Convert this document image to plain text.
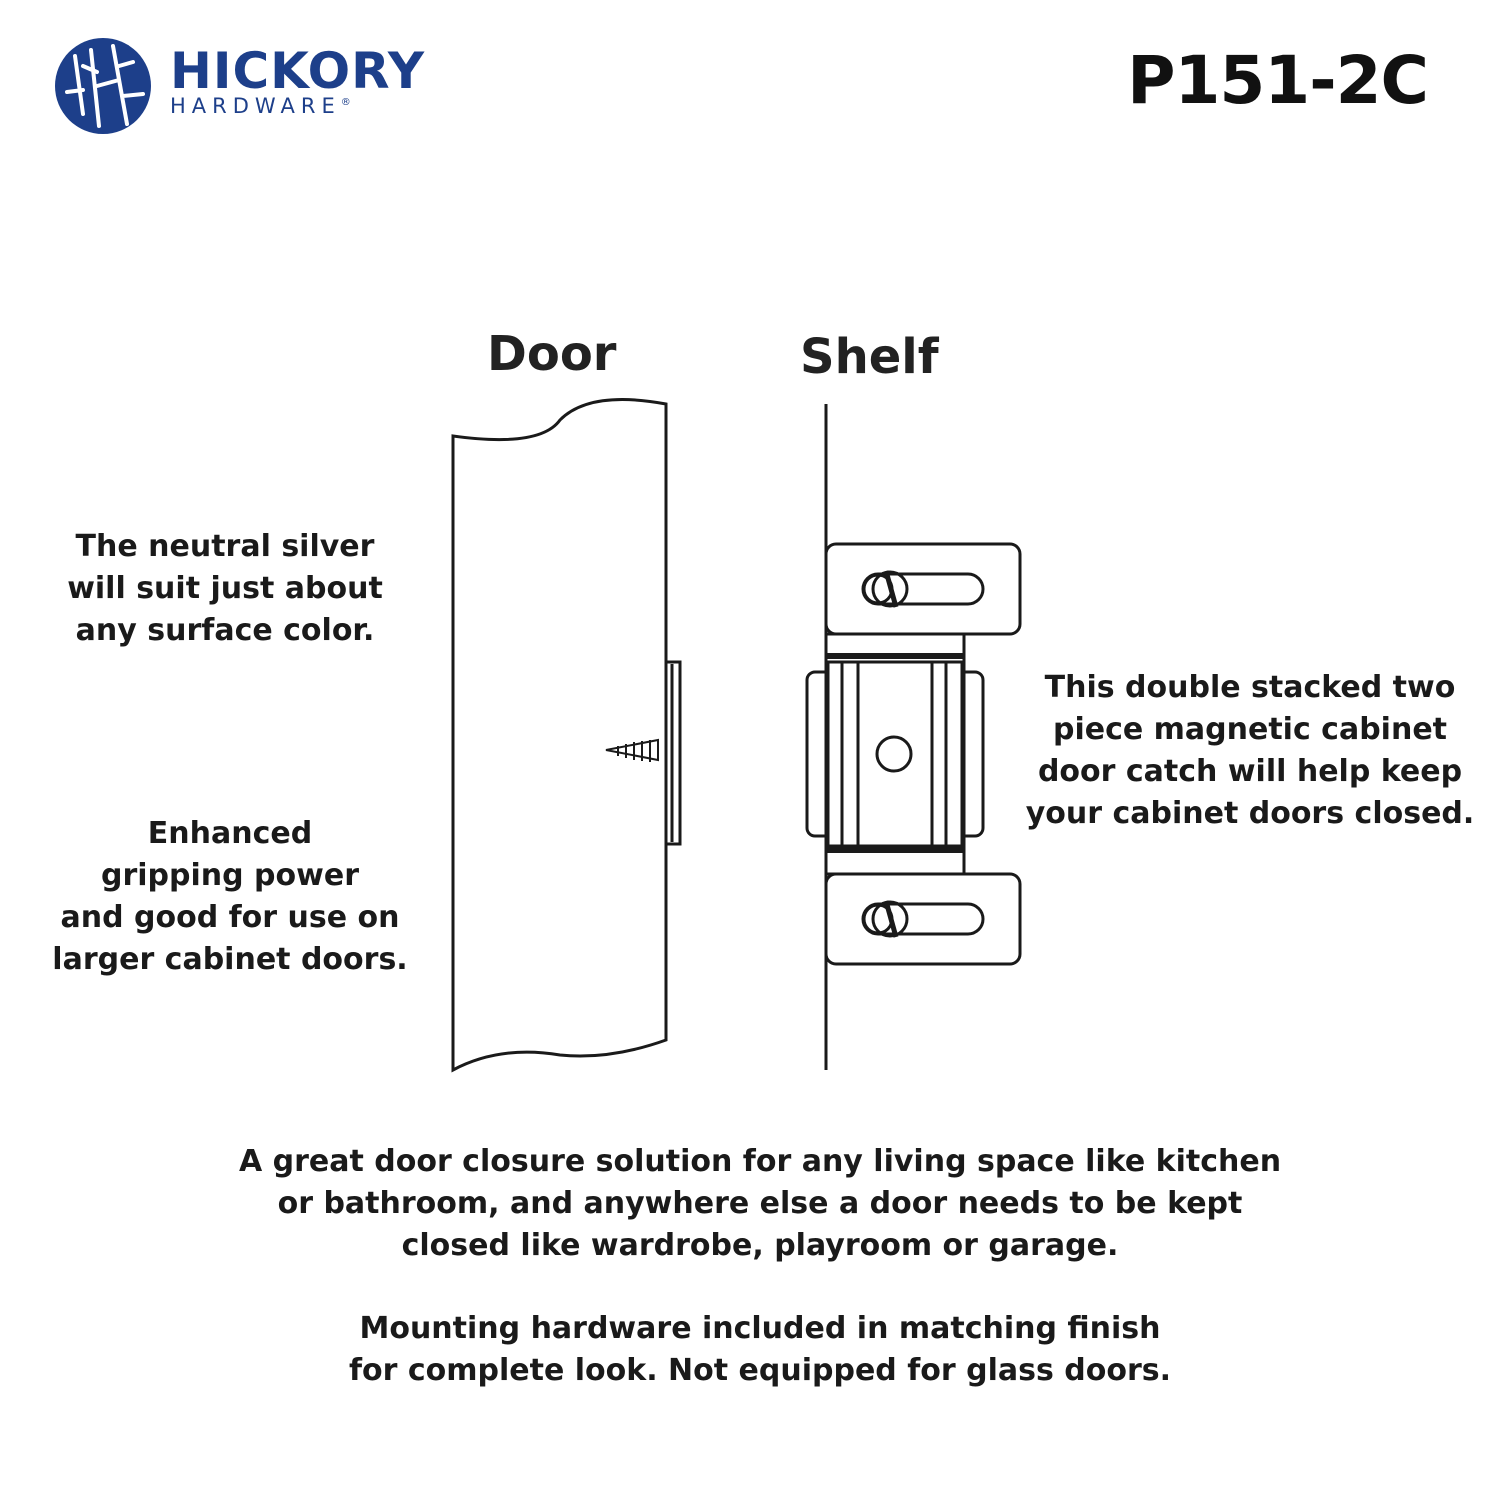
HICKORY
HARDWARE®	P151-2C
Door	Shelf
The neutral silver
will suit just about
any surface color.
Enhanced
gripping power
and good for use on
larger cabinet doors.
This double stacked two
piece magnetic cabinet
door catch will help keep
your cabinet doors closed.
A great door closure solution for any living space like kitchen
or bathroom, and anywhere else a door needs to be kept
closed like wardrobe, playroom or garage.
Mounting hardware included in matching finish
for complete look. Not equipped for glass doors.
